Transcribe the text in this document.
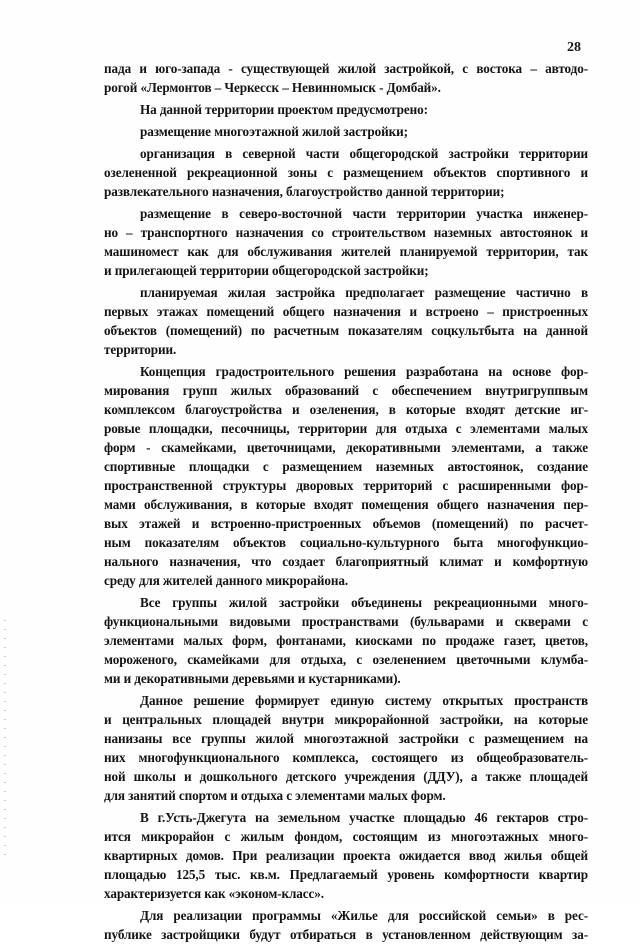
28
пада и юго-запада - существующей жилой застройкой, с востока – автодо-
рогой «Лермонтов – Черкесск – Невинномыск - Домбай».
На данной территории проектом предусмотрено:
размещение многоэтажной жилой застройки;
организация в северной части общегородской застройки территории
озелененной рекреационной зоны с размещением объектов спортивного и
развлекательного назначения, благоустройство данной территории;
размещение в северо-восточной части территории участка инженер-
но – транспортного назначения со строительством наземных автостоянок и
машиномест как для обслуживания жителей планируемой территории, так
и прилегающей территории общегородской застройки;
планируемая жилая застройка предполагает размещение частично в
первых этажах помещений общего назначения и встроено – пристроенных
объектов (помещений) по расчетным показателям соцкультбыта на данной
территории.
Концепция градостроительного решения разработана на основе фор-
мирования групп жилых образований с обеспечением внутригруппвым
комплексом благоустройства и озеленения, в которые входят детские иг-
ровые площадки, песочницы, территории для отдыха с элементами малых
форм - скамейками, цветочницами, декоративными элементами, а также
спортивные площадки с размещением наземных автостоянок, создание
пространственной структуры дворовых территорий с расширенными фор-
мами обслуживания, в которые входят помещения общего назначения пер-
вых этажей и встроенно-пристроенных объемов (помещений) по расчет-
ным показателям объектов социально-культурного быта многофункцио-
нального назначения, что создает благоприятный климат и комфортную
среду для жителей данного микрорайона.
Все группы жилой застройки объединены рекреационными много-
функциональными видовыми пространствами (бульварами и скверами с
элементами малых форм, фонтанами, киосками по продаже газет, цветов,
мороженого, скамейками для отдыха, с озеленением цветочными клумба-
ми и декоративными деревьями и кустарниками).
Данное решение формирует единую систему открытых пространств
и центральных площадей внутри микрорайонной застройки, на которые
нанизаны все группы жилой многоэтажной застройки с размещением на
них многофункционального комплекса, состоящего из общеобразователь-
ной школы и дошкольного детского учреждения (ДДУ), а также площадей
для занятий спортом и отдыха с элементами малых форм.
В г.Усть-Джегута на земельном участке площадью 46 гектаров стро-
ится микрорайон с жилым фондом, состоящим из многоэтажных много-
квартирных домов. При реализации проекта ожидается ввод жилья общей
площадью 125,5 тыс. кв.м. Предлагаемый уровень комфортности квартир
характеризуется как «эконом-класс».
Для реализации программы «Жилье для российской семьи» в рес-
публике застройщики будут отбираться в установленном действующим за-
